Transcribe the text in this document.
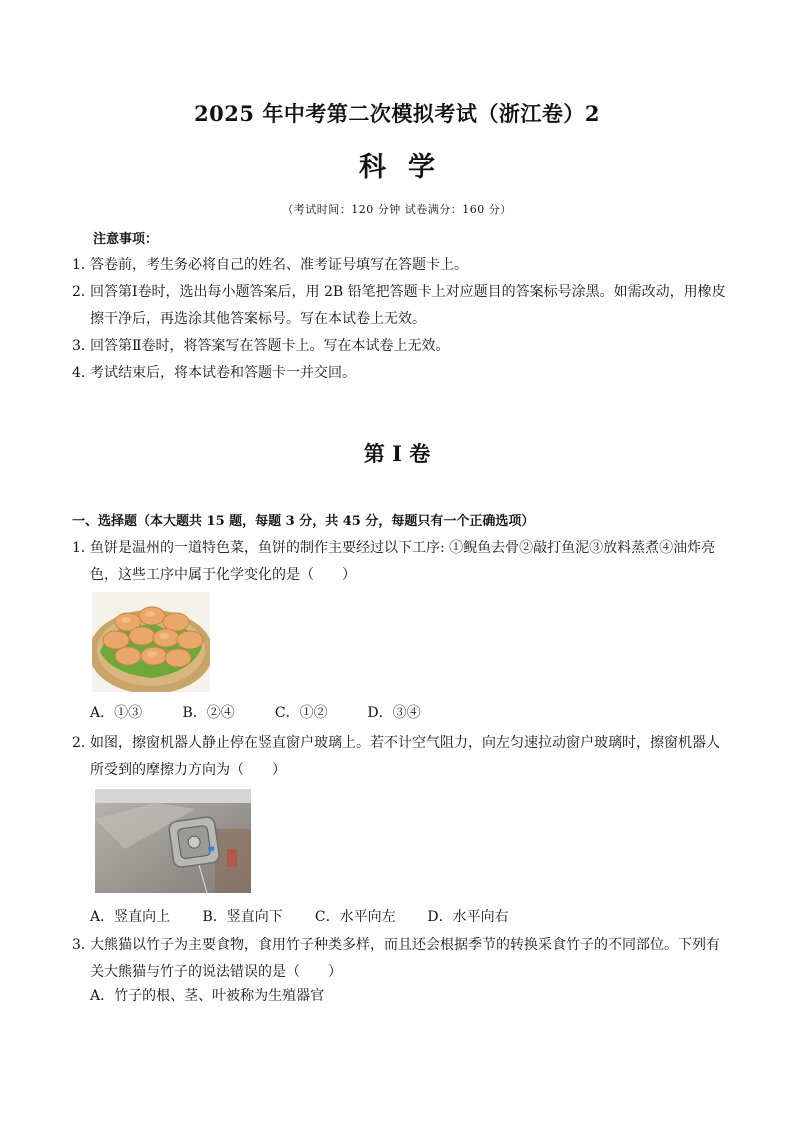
2025 年中考第二次模拟考试（浙江卷）2
科学
（考试时间：120 分钟 试卷满分：160 分）
注意事项：
1．
答卷前，考生务必将自己的姓名、准考证号填写在答题卡上。
2．
回答第Ⅰ卷时，选出每小题答案后，用 2B 铅笔把答题卡上对应题目的答案标号涂黑。如需改动，用橡皮擦干净后，再选涂其他答案标号。写在本试卷上无效。
3．
回答第Ⅱ卷时，将答案写在答题卡上。写在本试卷上无效。
4．
考试结束后，将本试卷和答题卡一并交回。
第 I 卷
一、选择题（本大题共 15 题，每题 3 分，共 45 分，每题只有一个正确选项）
1．
鱼饼是温州的一道特色菜，鱼饼的制作主要经过以下工序: ①鲵鱼去骨②敲打鱼泥③放料蒸煮④油炸亮色，这些工序中属于化学变化的是（　　）
A．①③	B．②④	C．①②	D．③④
2．
如图，擦窗机器人静止停在竖直窗户玻璃上。若不计空气阻力，向左匀速拉动窗户玻璃时，擦窗机器人所受到的摩擦力方向为（　　）
A．竖直向上 B．竖直向下 C．水平向左 D．水平向右
3．
大熊猫以竹子为主要食物，食用竹子种类多样，而且还会根据季节的转换采食竹子的不同部位。下列有关大熊猫与竹子的说法错误的是（　　）
A．竹子的根、茎、叶被称为生殖器官
